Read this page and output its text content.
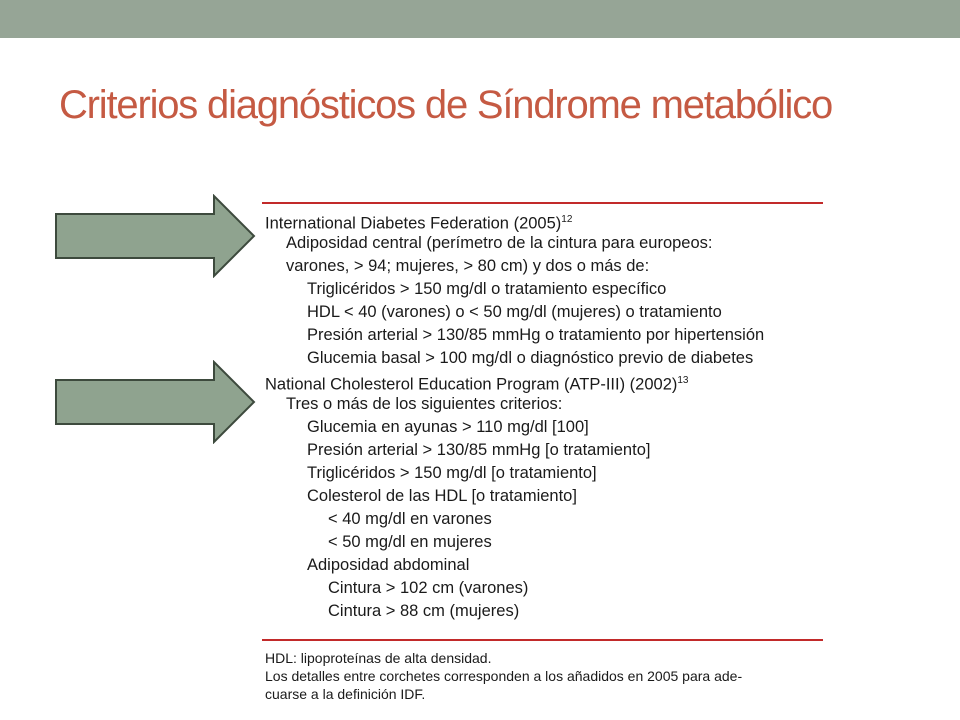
Criterios diagnósticos de Síndrome metabólico
International Diabetes Federation $(2005)^{12}$
Adiposidad central (perímetro de la cintura para europeos:
varones, > 94; mujeres, > 80 cm) y dos o más de:
Triglicéridos > 150 mg/dl o tratamiento específico
HDL < 40 (varones) o < 50 mg/dl (mujeres) o tratamiento
Presión arterial > 130/85 mmHg o tratamiento por hipertensión
Glucemia basal > 100 mg/dl o diagnóstico previo de diabetes
National Cholesterol Education Program (ATP-III) $(2002)^{13}$
Tres o más de los siguientes criterios:
Glucemia en ayunas > 110 mg/dl [100]
Presión arterial > 130/85 mmHg [o tratamiento]
Triglicéridos > 150 mg/dl [o tratamiento]
Colesterol de las HDL [o tratamiento]
< 40 mg/dl en varones
< 50 mg/dl en mujeres
Adiposidad abdominal
Cintura > 102 cm (varones)
Cintura > 88 cm (mujeres)
HDL: lipoproteínas de alta densidad.
Los detalles entre corchetes corresponden a los añadidos en 2005 para ade-
cuarse a la definición IDF.
